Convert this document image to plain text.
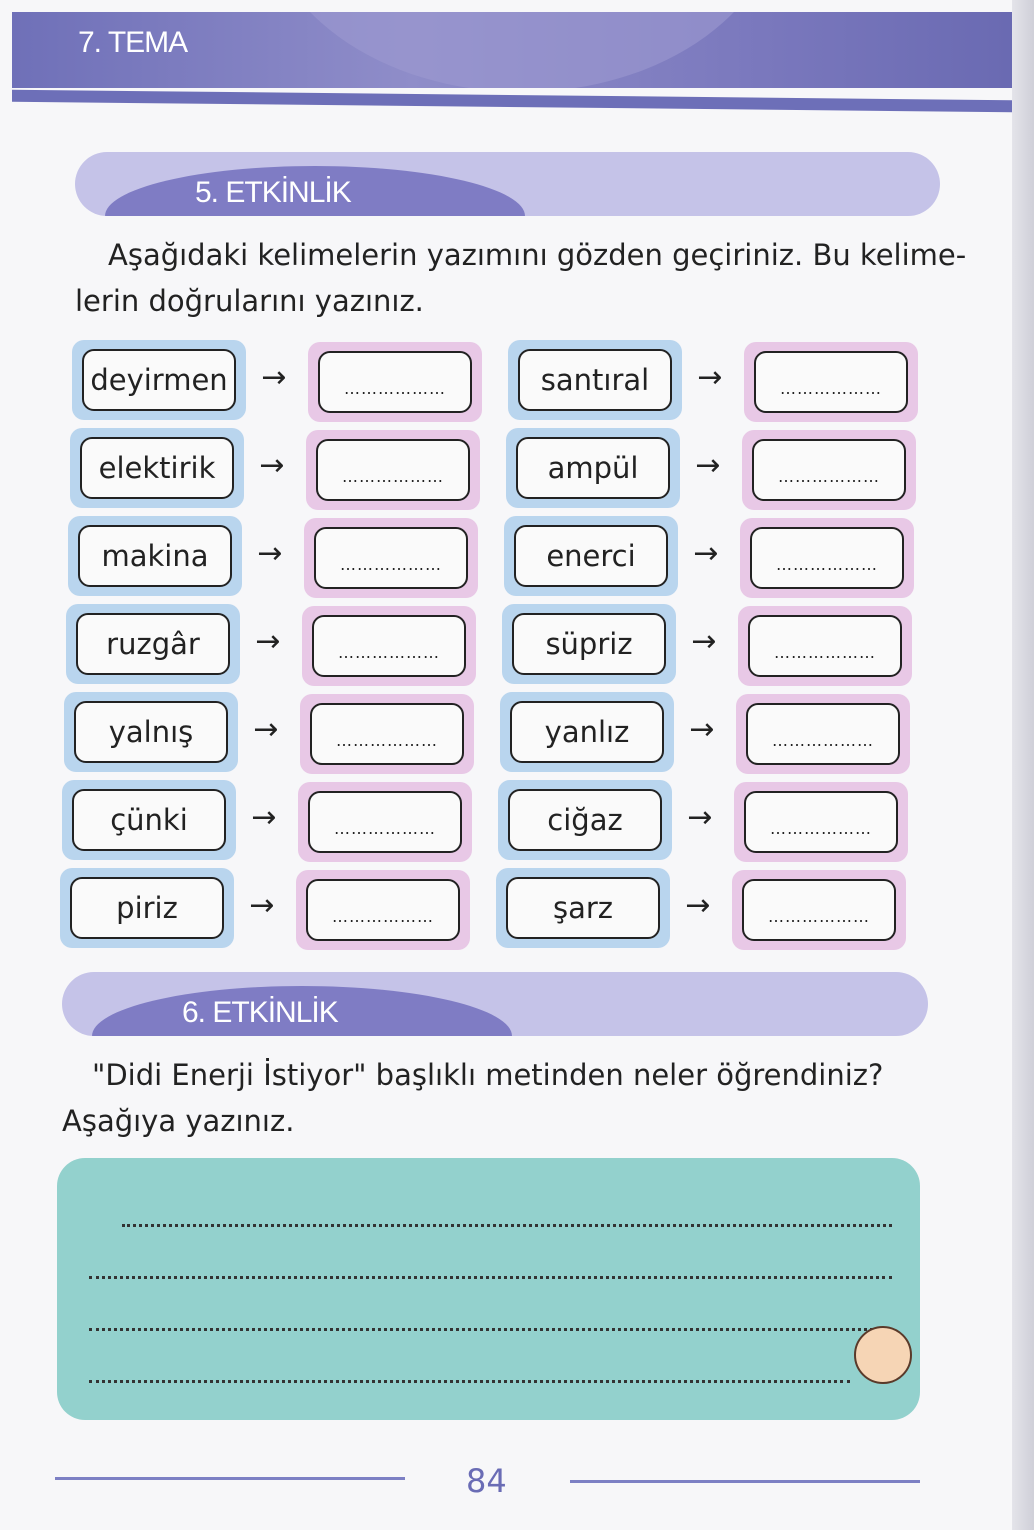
7. TEMA
5. ETKİNLİK
Aşağıdaki kelimelerin yazımını gözden geçiriniz. Bu kelime-
lerin doğrularını yazınız.
deyirmen →	………………	santıral	→	………………
elektirik	→	………………	ampül	→	………………
makina	→	………………	enerci	→	………………
ruzgâr	→	………………	süpriz	→	………………
yalnış	→	………………	yanlız	→	………………
çünki	→	………………	ciğaz	→	………………
piriz	→	………………	şarz	→	………………
6. ETKİNLİK
"Didi Enerji İstiyor" başlıklı metinden neler öğrendiniz?
Aşağıya yazınız.
84
